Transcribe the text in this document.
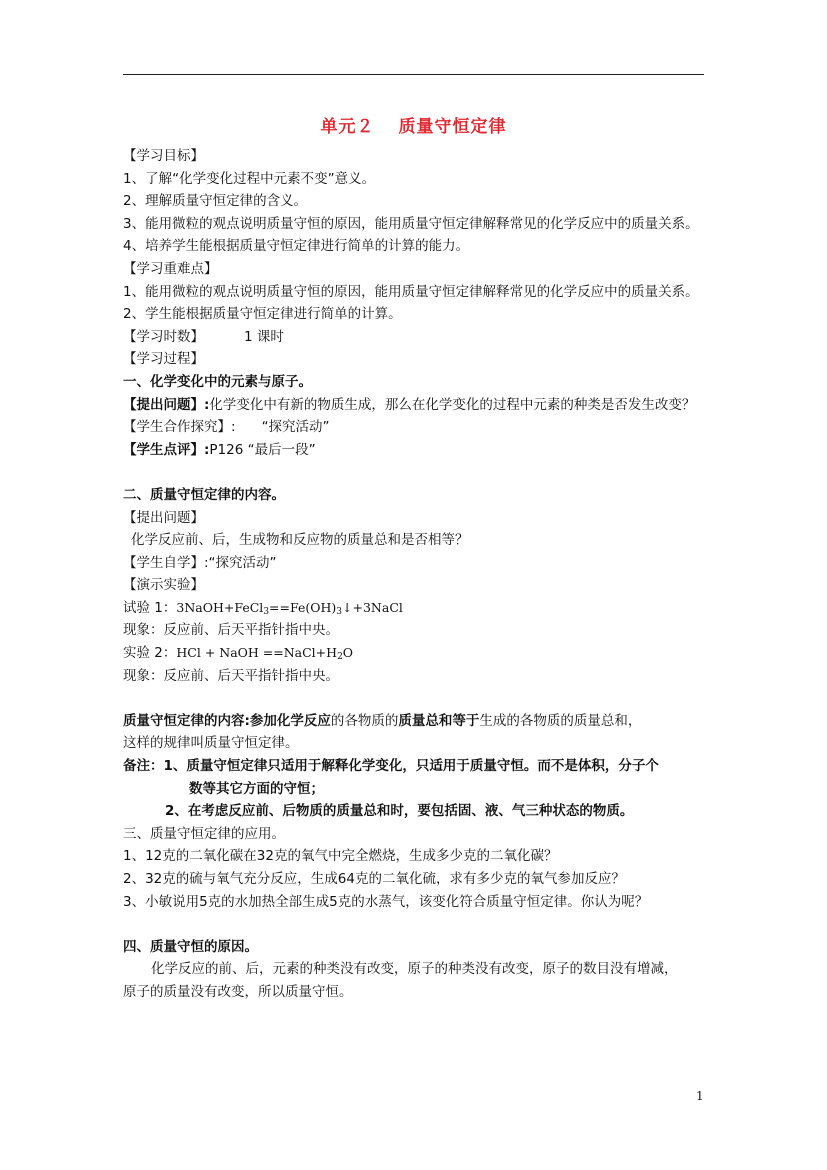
单元２ 质量守恒定律
【学习目标】
1、了解“化学变化过程中元素不变”意义。
2、理解质量守恒定律的含义。
3、能用微粒的观点说明质量守恒的原因，能用质量守恒定律解释常见的化学反应中的质量关系。
4、培养学生能根据质量守恒定律进行简单的计算的能力。
【学习重难点】
1、能用微粒的观点说明质量守恒的原因，能用质量守恒定律解释常见的化学反应中的质量关系。
2、学生能根据质量守恒定律进行简单的计算。
【学习时数】	1 课时
【学习过程】
一、化学变化中的元素与原子。
【提出问题】:化学变化中有新的物质生成，那么在化学变化的过程中元素的种类是否发生改变？
【学生合作探究】: “探究活动”
【学生点评】:P126 “最后一段”
二、质量守恒定律的内容。
【提出问题】
化学反应前、后，生成物和反应物的质量总和是否相等？
【学生自学】:“探究活动”
【演示实验】
试验 1：$3NaOH+FeCl_3==Fe(OH)_3↓+3NaCl$
现象：反应前、后天平指针指中央。
实验 2：HCl + NaOH $==NaCl+H_2O$
现象：反应前、后天平指针指中央。
质量守恒定律的内容:参加化学反应的各物质的质量总和等于生成的各物质的质量总和，
这样的规律叫质量守恒定律。
备注：1、质量守恒定律只适用于解释化学变化，只适用于质量守恒。而不是体积，分子个
数等其它方面的守恒；
2、在考虑反应前、后物质的质量总和时，要包括固、液、气三种状态的物质。
三、质量守恒定律的应用。
1、12克的二氧化碳在32克的氧气中完全燃烧，生成多少克的二氧化碳？
2、32克的硫与氧气充分反应，生成64克的二氧化硫，求有多少克的氧气参加反应？
3、小敏说用5克的水加热全部生成5克的水蒸气，该变化符合质量守恒定律。你认为呢？
四、质量守恒的原因。
化学反应的前、后，元素的种类没有改变，原子的种类没有改变，原子的数目没有增减，
原子的质量没有改变，所以质量守恒。
1
